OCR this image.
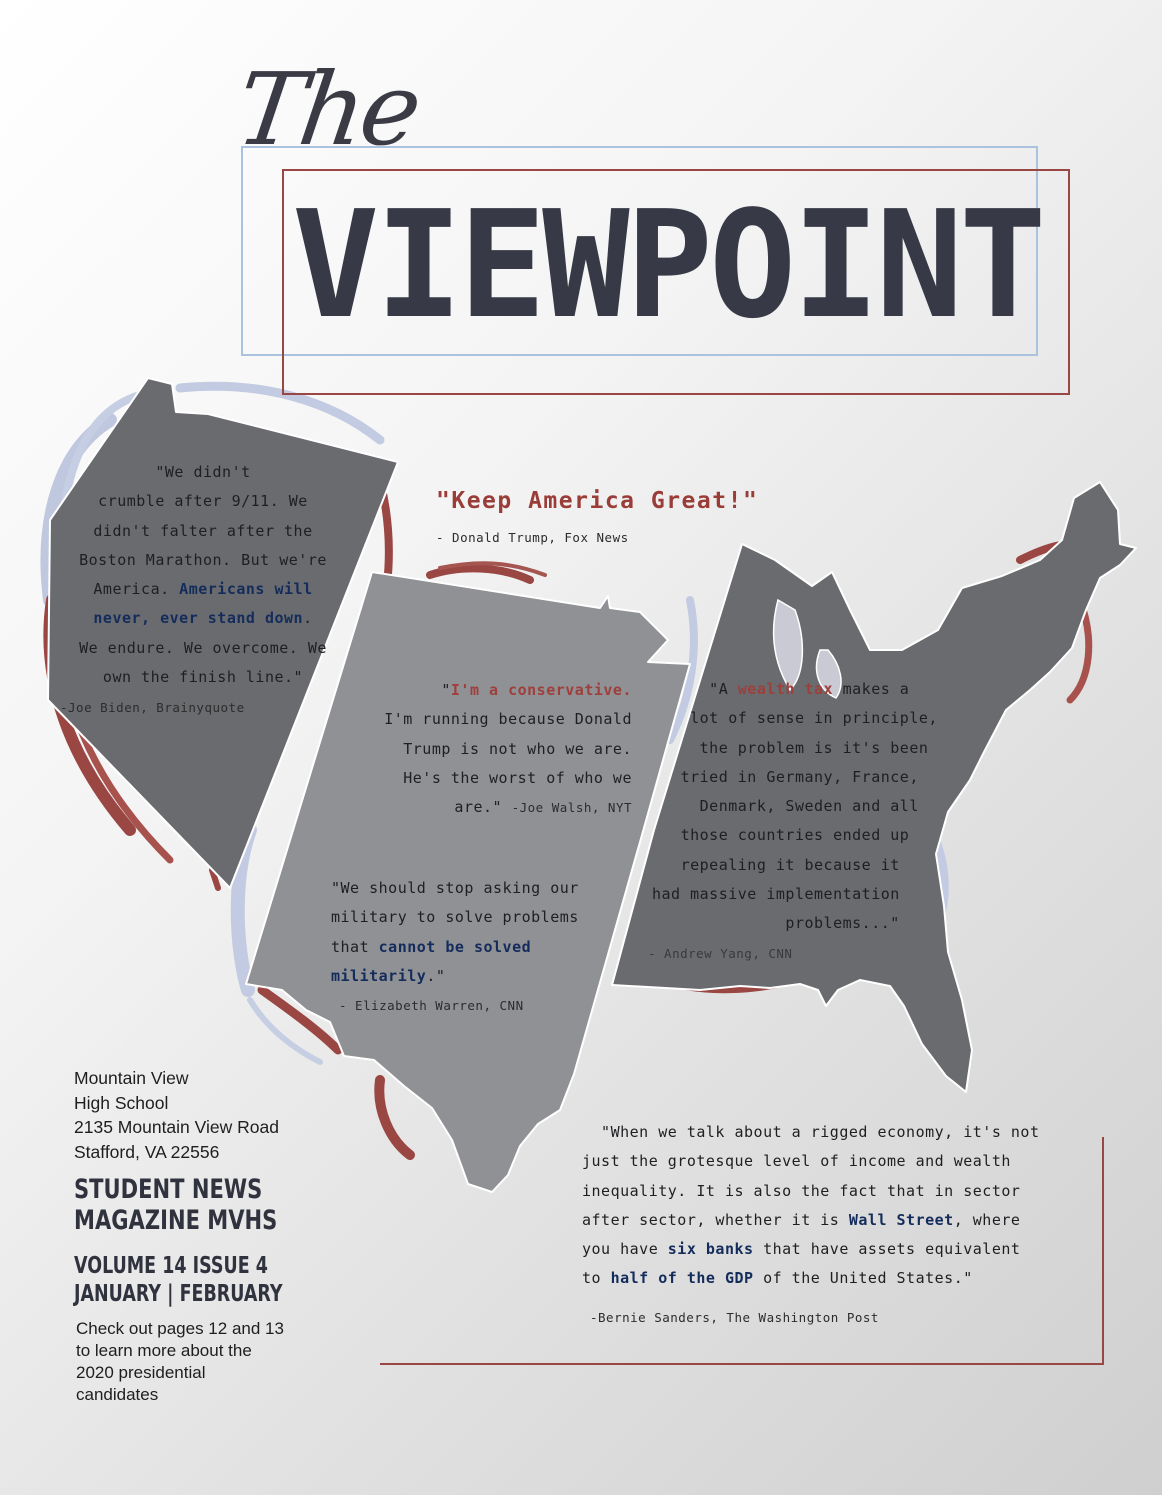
The
VIEWPOINT
"We didn't
crumble after 9/11. We
didn't falter after the
Boston Marathon. But we're
America. Americans will
never, ever stand down.
We endure. We overcome. We
own the finish line."
-Joe Biden, Brainyquote
"Keep America Great!"
- Donald Trump, Fox News
"I'm a conservative.
I'm running because Donald
Trump is not who we are.
He's the worst of who we
are." -Joe Walsh, NYT
"We should stop asking our
military to solve problems
that cannot be solved
militarily."
- Elizabeth Warren, CNN
"A wealth tax makes a
lot of sense in principle,
the problem is it's been
tried in Germany, France,
Denmark, Sweden and all
those countries ended up
repealing it because it
had massive implementation
problems..."
- Andrew Yang, CNN
"When we talk about a rigged economy, it's not
just the grotesque level of income and wealth
inequality. It is also the fact that in sector
after sector, whether it is Wall Street, where
you have six banks that have assets equivalent
to half of the GDP of the United States."
-Bernie Sanders, The Washington Post
Mountain View
High School
2135 Mountain View Road
Stafford, VA 22556
STUDENT NEWS
MAGAZINE MVHS
VOLUME 14 ISSUE 4
JANUARY | FEBRUARY
Check out pages 12 and 13 to learn more about the 2020 presidential candidates
